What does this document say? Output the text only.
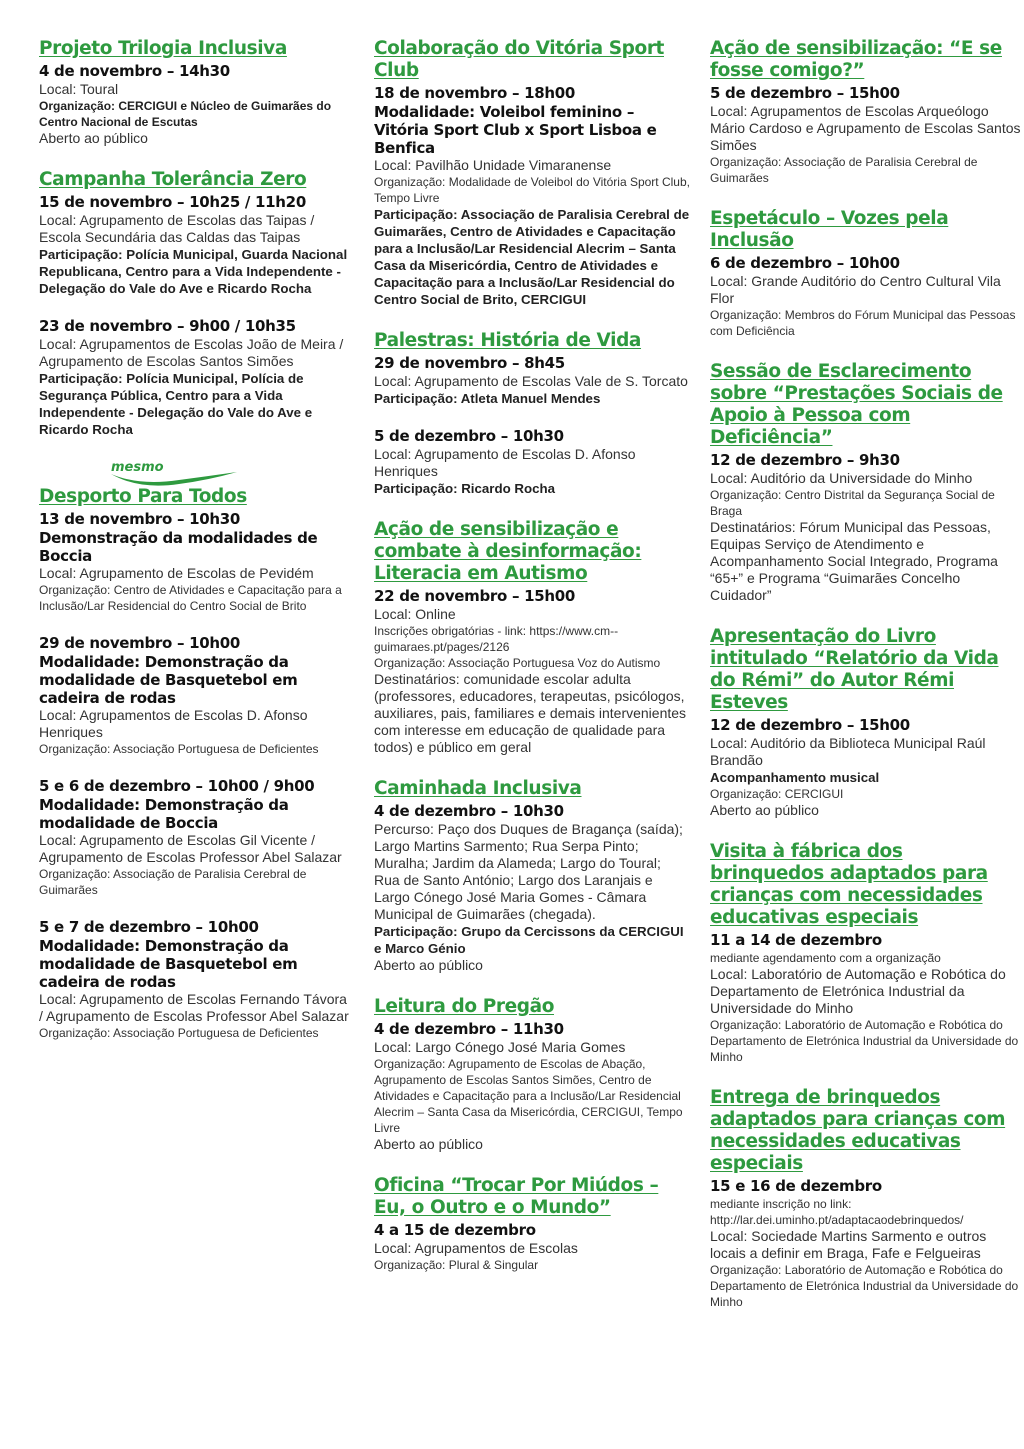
Projeto Trilogia Inclusiva

4 de novembro – 14h30

Local: Toural

Organização: CERCIGUI e Núcleo de Guimarães do Centro Nacional de Escutas

Aberto ao público

Campanha Tolerância Zero

15 de novembro – 10h25 / 11h20

Local: Agrupamento de Escolas das Taipas / Escola Secundária das Caldas das Taipas

Participação: Polícia Municipal, Guarda Nacional Republicana, Centro para a Vida Independente - Delegação do Vale do Ave e Ricardo Rocha

23 de novembro – 9h00 / 10h35

Local: Agrupamentos de Escolas João de Meira / Agrupamento de Escolas Santos Simões

Participação: Polícia Municipal, Polícia de Segurança Pública, Centro para a Vida Independente - Delegação do Vale do Ave e Ricardo Rocha

mesmo
Desporto Para Todos

13 de novembro – 10h30

Demonstração da modalidades de Boccia

Local: Agrupamento de Escolas de Pevidém

Organização: Centro de Atividades e Capacitação para a Inclusão/Lar Residencial do Centro Social de Brito

29 de novembro – 10h00

Modalidade: Demonstração da modalidade de Basquetebol em cadeira de rodas

Local: Agrupamentos de Escolas D. Afonso Henriques

Organização: Associação Portuguesa de Deficientes

5 e 6 de dezembro – 10h00 / 9h00

Modalidade: Demonstração da modalidade de Boccia

Local: Agrupamento de Escolas Gil Vicente / Agrupamento de Escolas Professor Abel Salazar

Organização: Associação de Paralisia Cerebral de Guimarães

5 e 7 de dezembro – 10h00

Modalidade: Demonstração da modalidade de Basquetebol em cadeira de rodas

Local: Agrupamento de Escolas Fernando Távora / Agrupamento de Escolas Professor Abel Salazar

Organização: Associação Portuguesa de Deficientes

Colaboração do Vitória Sport Club

18 de novembro – 18h00

Modalidade: Voleibol feminino – Vitória Sport Club x Sport Lisboa e Benfica

Local: Pavilhão Unidade Vimaranense

Organização: Modalidade de Voleibol do Vitória Sport Club, Tempo Livre

Participação: Associação de Paralisia Cerebral de Guimarães, Centro de Atividades e Capacitação para a Inclusão/Lar Residencial Alecrim – Santa Casa da Misericórdia, Centro de Atividades e Capacitação para a Inclusão/Lar Residencial do Centro Social de Brito, CERCIGUI

Palestras: História de Vida

29 de novembro – 8h45

Local: Agrupamento de Escolas Vale de S. Torcato

Participação: Atleta Manuel Mendes

5 de dezembro – 10h30

Local: Agrupamento de Escolas D. Afonso Henriques

Participação: Ricardo Rocha

Ação de sensibilização e combate à desinformação: Literacia em Autismo

22 de novembro – 15h00

Local: Online

Inscrições obrigatórias - link: https://www.cm--guimaraes.pt/pages/2126

Organização: Associação Portuguesa Voz do Autismo

Destinatários: comunidade escolar adulta (professores, educadores, terapeutas, psicólogos, auxiliares, pais, familiares e demais intervenientes com interesse em educação de qualidade para todos) e público em geral

Caminhada Inclusiva

4 de dezembro – 10h30

Percurso: Paço dos Duques de Bragança (saída); Largo Martins Sarmento; Rua Serpa Pinto; Muralha; Jardim da Alameda; Largo do Toural; Rua de Santo António; Largo dos Laranjais e Largo Cónego José Maria Gomes - Câmara Municipal de Guimarães (chegada).

Participação: Grupo da Cercissons da CERCIGUI e Marco Génio

Aberto ao público

Leitura do Pregão

4 de dezembro – 11h30

Local: Largo Cónego José Maria Gomes

Organização: Agrupamento de Escolas de Abação, Agrupamento de Escolas Santos Simões, Centro de Atividades e Capacitação para a Inclusão/Lar Residencial Alecrim – Santa Casa da Misericórdia, CERCIGUI, Tempo Livre

Aberto ao público

Oficina “Trocar Por Miúdos – Eu, o Outro e o Mundo”

4 a 15 de dezembro

Local: Agrupamentos de Escolas

Organização: Plural & Singular

Ação de sensibilização: “E se fosse comigo?”

5 de dezembro – 15h00

Local: Agrupamentos de Escolas Arqueólogo Mário Cardoso e Agrupamento de Escolas Santos Simões

Organização: Associação de Paralisia Cerebral de Guimarães

Espetáculo – Vozes pela Inclusão

6 de dezembro – 10h00

Local: Grande Auditório do Centro Cultural Vila Flor

Organização: Membros do Fórum Municipal das Pessoas com Deficiência

Sessão de Esclarecimento sobre “Prestações Sociais de Apoio à Pessoa com Deficiência”

12 de dezembro – 9h30

Local: Auditório da Universidade do Minho

Organização: Centro Distrital da Segurança Social de Braga

Destinatários: Fórum Municipal das Pessoas, Equipas Serviço de Atendimento e Acompanhamento Social Integrado, Programa “65+” e Programa “Guimarães Concelho Cuidador”

Apresentação do Livro intitulado “Relatório da Vida do Rémi” do Autor Rémi Esteves

12 de dezembro – 15h00

Local: Auditório da Biblioteca Municipal Raúl Brandão

Acompanhamento musical

Organização: CERCIGUI

Aberto ao público

Visita à fábrica dos brinquedos adaptados para crianças com necessidades educativas especiais

11 a 14 de dezembro

mediante agendamento com a organização

Local: Laboratório de Automação e Robótica do Departamento de Eletrónica Industrial da Universidade do Minho

Organização: Laboratório de Automação e Robótica do Departamento de Eletrónica Industrial da Universidade do Minho

Entrega de brinquedos adaptados para crianças com necessidades educativas especiais

15 e 16 de dezembro

mediante inscrição no link: http://lar.dei.uminho.pt/adaptacaodebrinquedos/

Local: Sociedade Martins Sarmento e outros locais a definir em Braga, Fafe e Felgueiras

Organização: Laboratório de Automação e Robótica do Departamento de Eletrónica Industrial da Universidade do Minho
